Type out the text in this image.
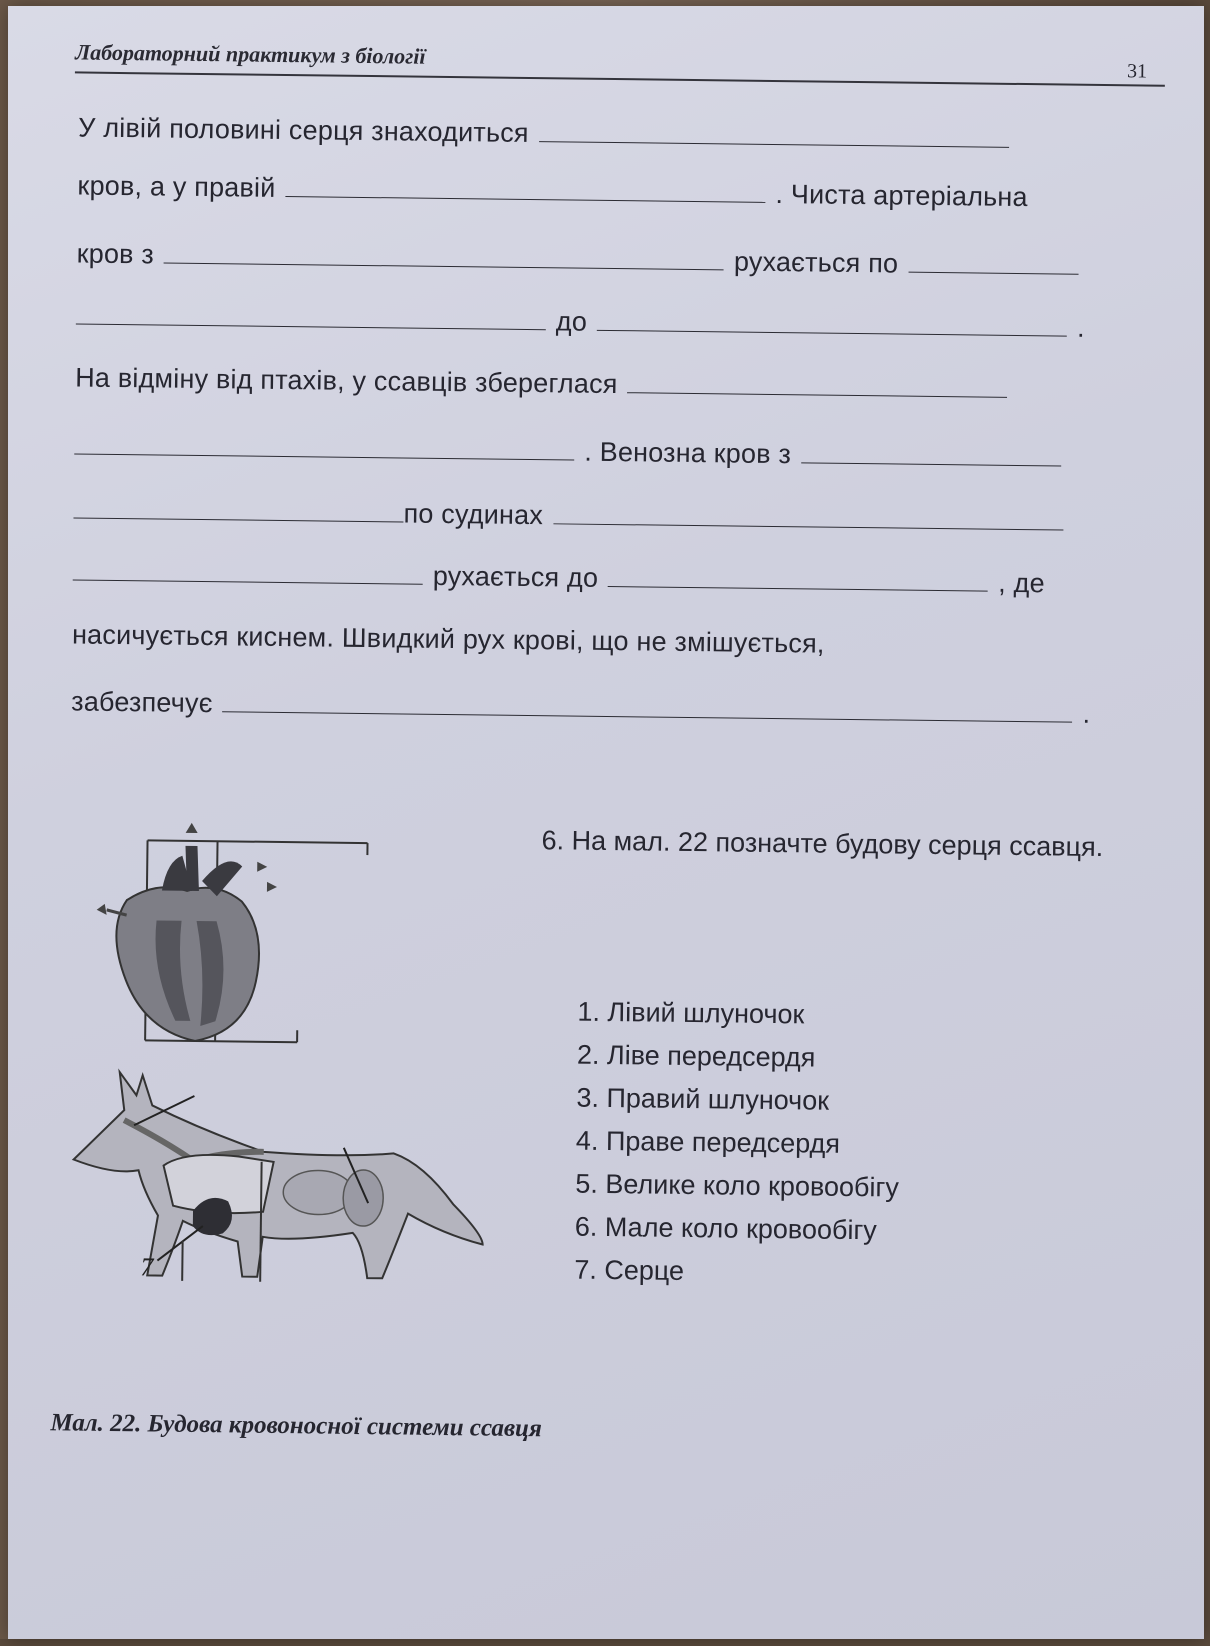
Лабораторний практикум з біології
31
У лівій половині серця знаходиться
кров, а у правій	. Чиста артеріальна
кров з	рухається по
до	.
На відміну від птахів, у ссавців збереглася
. Венозна кров з
по судинах
рухається до	, де
насичується киснем. Швидкий рух крові, що не змішується,
забезпечує	.
7
6. На мал. 22 позначте будову серця ссавця.
1. Лівий шлуночок
2. Ліве передсердя
3. Правий шлуночок
4. Праве передсердя
5. Велике коло кровообігу
6. Мале коло кровообігу
7. Серце
Мал. 22. Будова кровоносної системи ссавця
